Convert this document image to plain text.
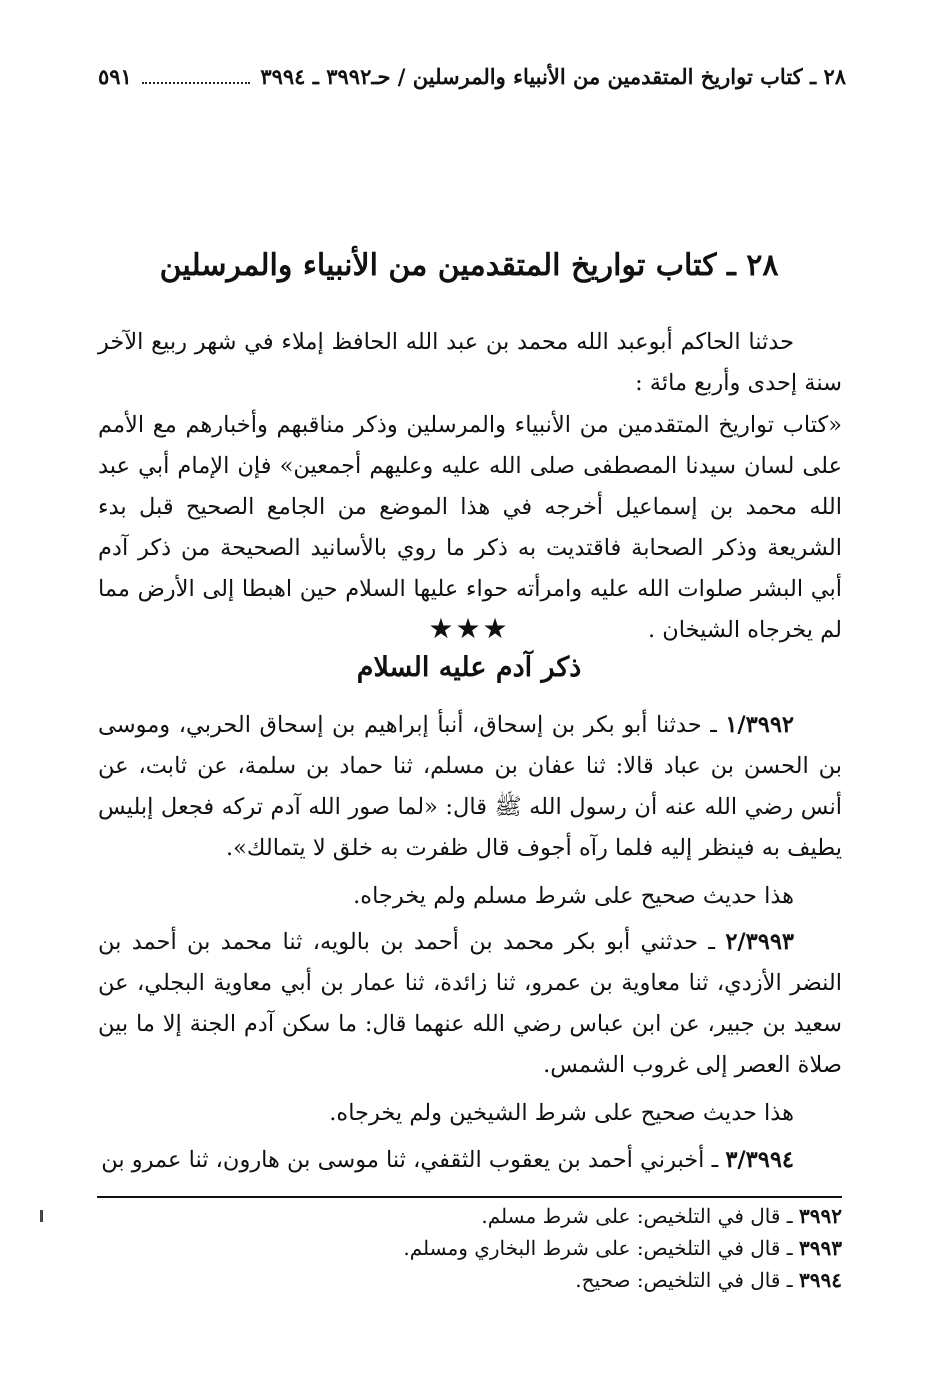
٢٨ ـ كتاب تواريخ المتقدمين من الأنبياء والمرسلين / حـ٣٩٩٢ ـ ٣٩٩٤
٥٩١
٢٨ ـ كتاب تواريخ المتقدمين من الأنبياء والمرسلين
حدثنا الحاكم أبوعبد الله محمد بن عبد الله الحافظ إملاء في شهر ربيع الآخر سنة إحدى وأربع مائة :
«كتاب تواريخ المتقدمين من الأنبياء والمرسلين وذكر مناقبهم وأخبارهم مع الأمم على لسان سيدنا المصطفى صلى الله عليه وعليهم أجمعين» فإن الإمام أبي عبد الله محمد بن إسماعيل أخرجه في هذا الموضع من الجامع الصحيح قبل بدء الشريعة وذكر الصحابة فاقتديت به ذكر ما روي بالأسانيد الصحيحة من ذكر آدم أبي البشر صلوات الله عليه وامرأته حواء عليها السلام حين اهبطا إلى الأرض مما لم يخرجاه الشيخان .
★★★
ذكر آدم عليه السلام
١/٣٩٩٢ ـ حدثنا أبو بكر بن إسحاق، أنبأ إبراهيم بن إسحاق الحربي، وموسى بن الحسن بن عباد قالا: ثنا عفان بن مسلم، ثنا حماد بن سلمة، عن ثابت، عن أنس رضي الله عنه أن رسول الله ﷺ قال: «لما صور الله آدم تركه فجعل إبليس يطيف به فينظر إليه فلما رآه أجوف قال ظفرت به خلق لا يتمالك».
هذا حديث صحيح على شرط مسلم ولم يخرجاه.
٢/٣٩٩٣ ـ حدثني أبو بكر محمد بن أحمد بن بالويه، ثنا محمد بن أحمد بن النضر الأزدي، ثنا معاوية بن عمرو، ثنا زائدة، ثنا عمار بن أبي معاوية البجلي، عن سعيد بن جبير، عن ابن عباس رضي الله عنهما قال: ما سكن آدم الجنة إلا ما بين صلاة العصر إلى غروب الشمس.
هذا حديث صحيح على شرط الشيخين ولم يخرجاه.
٣/٣٩٩٤ ـ أخبرني أحمد بن يعقوب الثقفي، ثنا موسى بن هارون، ثنا عمرو بن
٣٩٩٢ ـ قال في التلخيص: على شرط مسلم.
٣٩٩٣ ـ قال في التلخيص: على شرط البخاري ومسلم.
٣٩٩٤ ـ قال في التلخيص: صحيح.
